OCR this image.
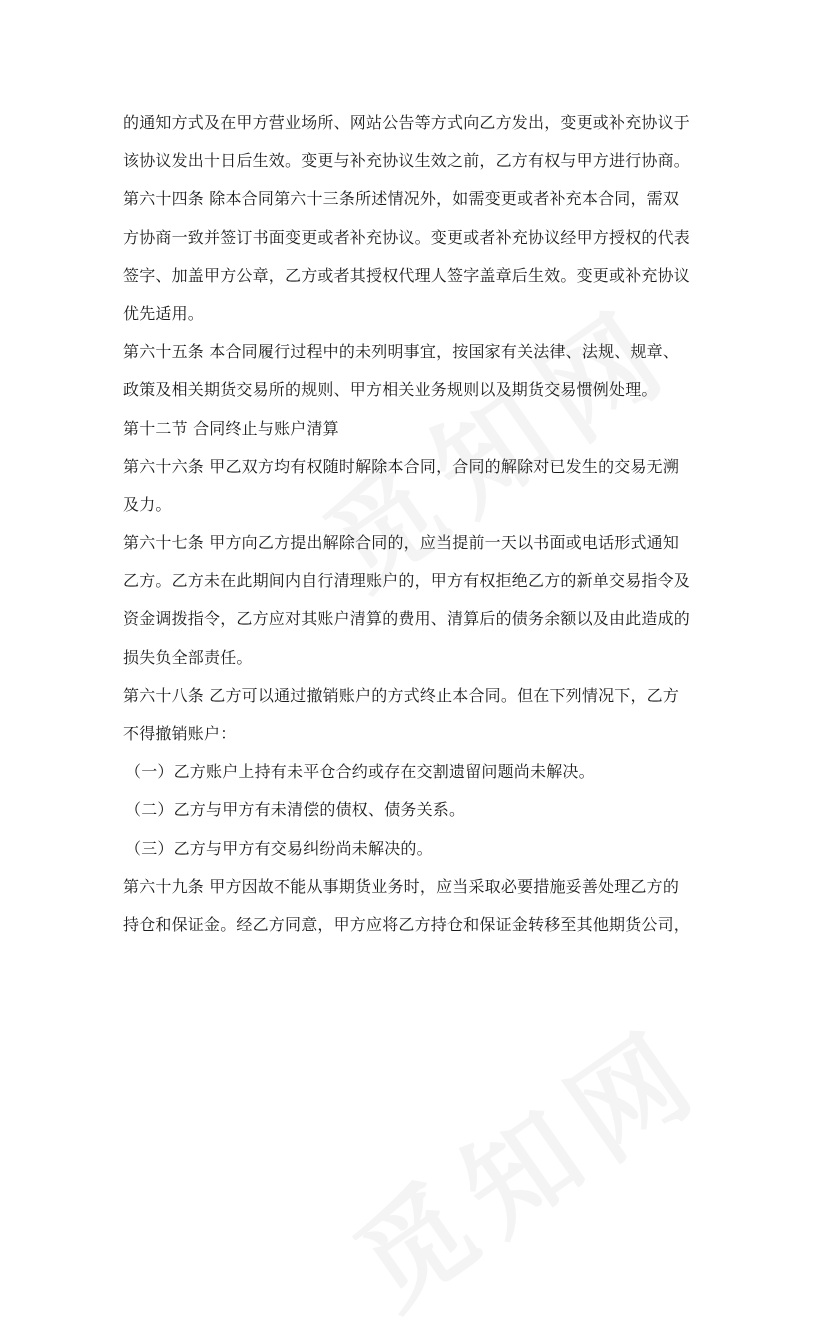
的通知方式及在甲方营业场所、网站公告等方式向乙方发出，变更或补充协议于
该协议发出十日后生效。变更与补充协议生效之前，乙方有权与甲方进行协商。
第六十四条 除本合同第六十三条所述情况外，如需变更或者补充本合同，需双
方协商一致并签订书面变更或者补充协议。变更或者补充协议经甲方授权的代表
签字、加盖甲方公章，乙方或者其授权代理人签字盖章后生效。变更或补充协议
优先适用。
第六十五条 本合同履行过程中的未列明事宜，按国家有关法律、法规、规章、
政策及相关期货交易所的规则、甲方相关业务规则以及期货交易惯例处理。
第十二节 合同终止与账户清算
第六十六条 甲乙双方均有权随时解除本合同，合同的解除对已发生的交易无溯
及力。
第六十七条 甲方向乙方提出解除合同的，应当提前一天以书面或电话形式通知
乙方。乙方未在此期间内自行清理账户的，甲方有权拒绝乙方的新单交易指令及
资金调拨指令，乙方应对其账户清算的费用、清算后的债务余额以及由此造成的
损失负全部责任。
第六十八条 乙方可以通过撤销账户的方式终止本合同。但在下列情况下，乙方
不得撤销账户：
（一）乙方账户上持有未平仓合约或存在交割遗留问题尚未解决。
（二）乙方与甲方有未清偿的债权、债务关系。
（三）乙方与甲方有交易纠纷尚未解决的。
第六十九条 甲方因故不能从事期货业务时，应当采取必要措施妥善处理乙方的
持仓和保证金。经乙方同意，甲方应将乙方持仓和保证金转移至其他期货公司，
